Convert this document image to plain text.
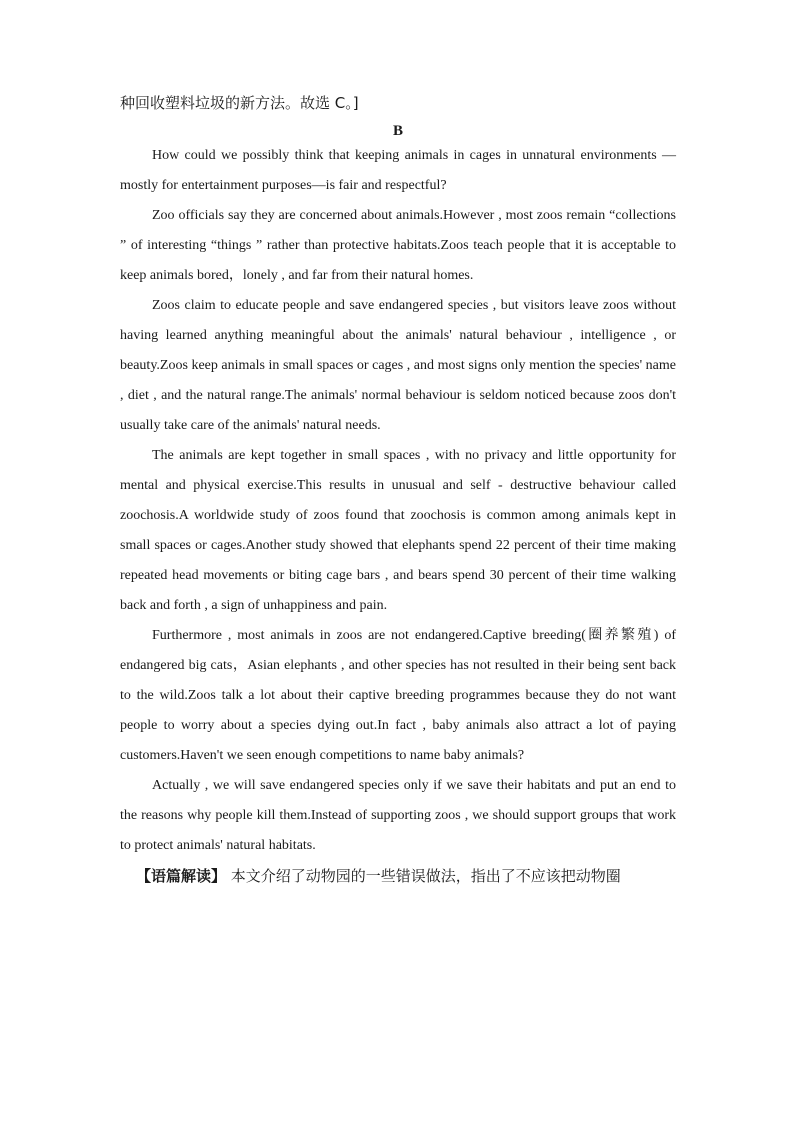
种回收塑料垃圾的新方法。故选 C。]

B

How could we possibly think that keeping animals in cages in unnatural environments —mostly for entertainment purposes—is fair and respectful?

Zoo officials say they are concerned about animals.However , most zoos remain “collections ” of interesting “things ” rather than protective habitats.Zoos teach people that it is acceptable to keep animals bored，lonely , and far from their natural homes.

Zoos claim to educate people and save endangered species , but visitors leave zoos without having learned anything meaningful about the animals' natural behaviour , intelligence , or beauty.Zoos keep animals in small spaces or cages , and most signs only mention the species' name , diet , and the natural range.The animals' normal behaviour is seldom noticed because zoos don't usually take care of the animals' natural needs.

The animals are kept together in small spaces , with no privacy and little opportunity for mental and physical exercise.This results in unusual and self - destructive behaviour called zoochosis.A worldwide study of zoos found that zoochosis is common among animals kept in small spaces or cages.Another study showed that elephants spend 22 percent of their time making repeated head movements or biting cage bars , and bears spend 30 percent of their time walking back and forth , a sign of unhappiness and pain.

Furthermore , most animals in zoos are not endangered.Captive breeding(圈养繁殖) of endangered big cats，Asian elephants , and other species has not resulted in their being sent back to the wild.Zoos talk a lot about their captive breeding programmes because they do not want people to worry about a species dying out.In fact , baby animals also attract a lot of paying customers.Haven't we seen enough competitions to name baby animals?

Actually , we will save endangered species only if we save their habitats and put an end to the reasons why people kill them.Instead of supporting zoos , we should support groups that work to protect animals' natural habitats.

【语篇解读】 本文介绍了动物园的一些错误做法，指出了不应该把动物圈
